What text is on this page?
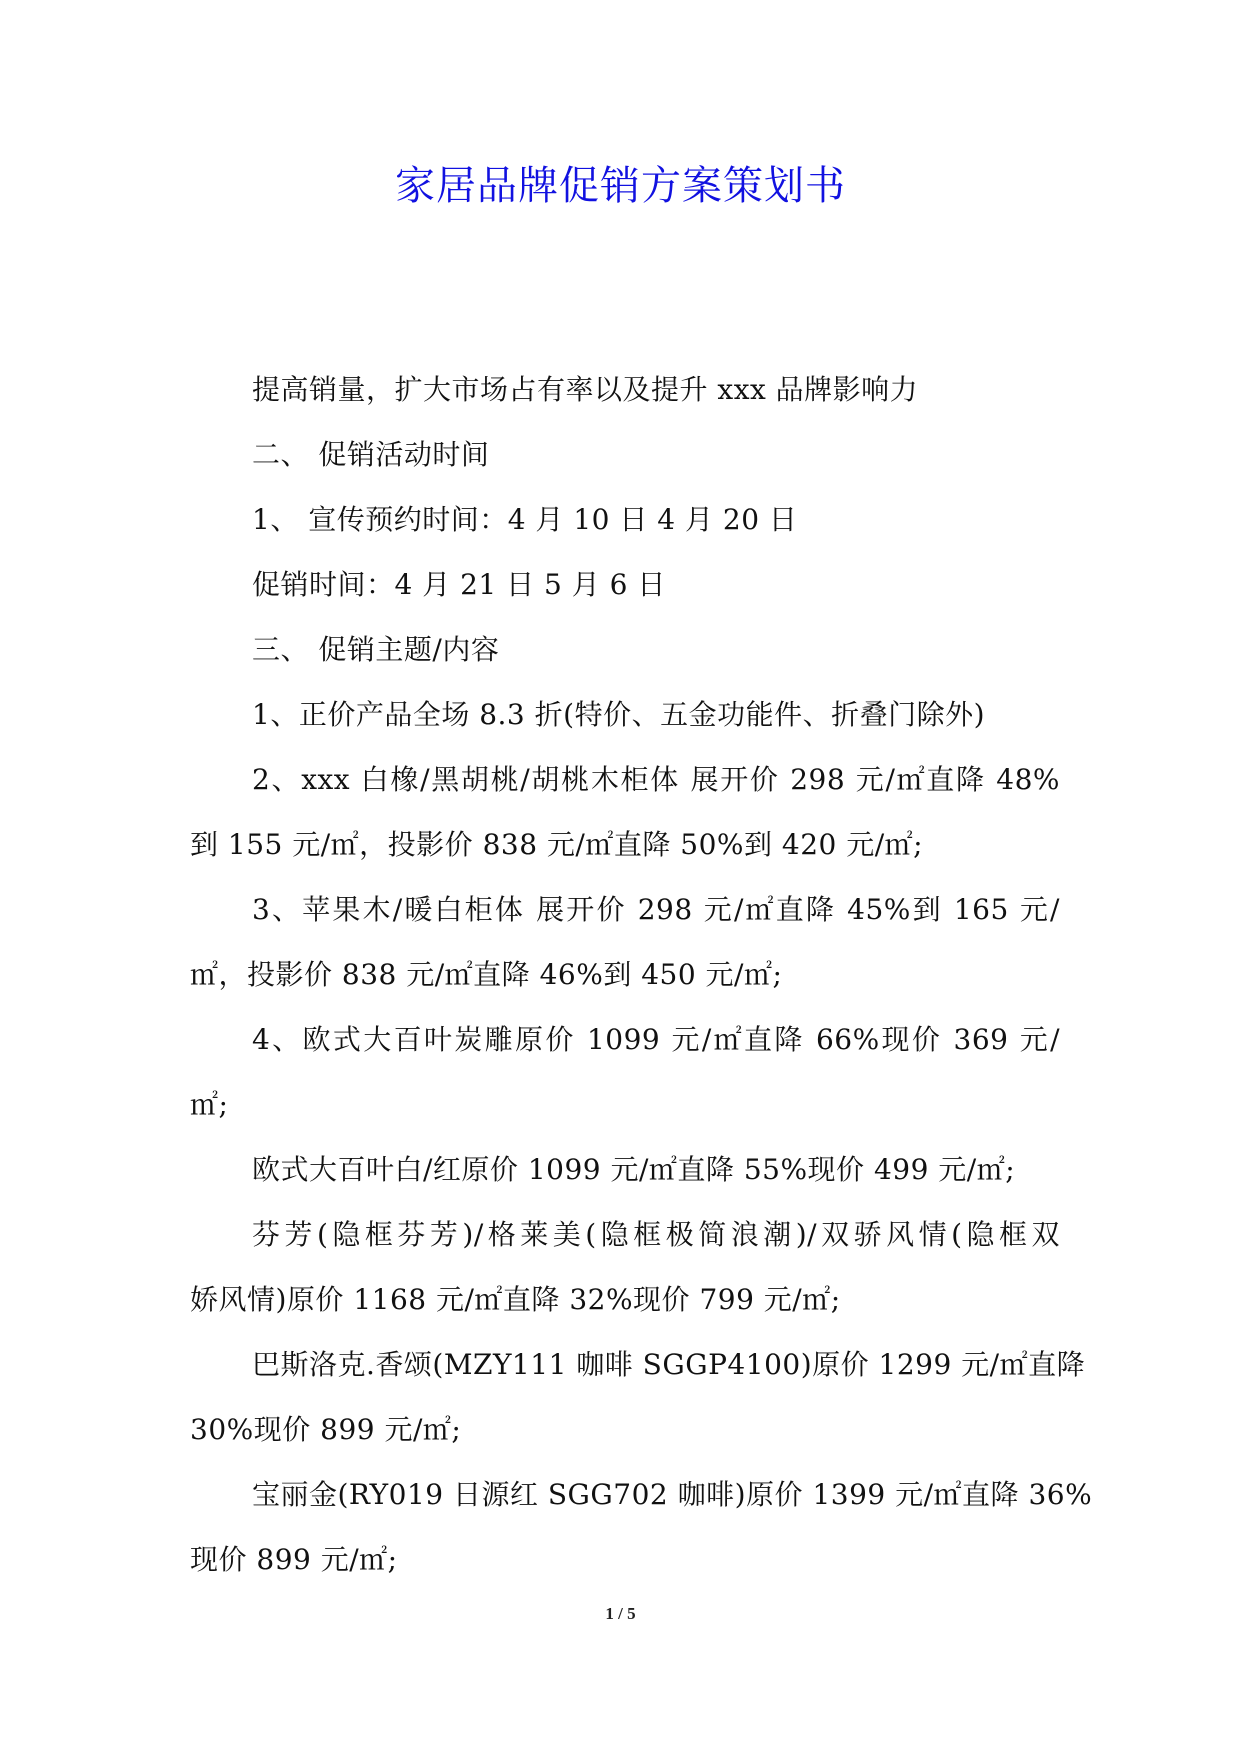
家居品牌促销方案策划书
提高销量，扩大市场占有率以及提升 xxx 品牌影响力
二、 促销活动时间
1、 宣传预约时间：4 月 10 日 4 月 20 日
促销时间：4 月 21 日 5 月 6 日
三、 促销主题/内容
1、正价产品全场 8.3 折(特价、五金功能件、折叠门除外)
2、xxx 白橡/黑胡桃/胡桃木柜体 展开价 298 元/㎡直降 48%
到 155 元/㎡，投影价 838 元/㎡直降 50%到 420 元/㎡;
3、苹果木/暖白柜体 展开价 298 元/㎡直降 45%到 165 元/
㎡，投影价 838 元/㎡直降 46%到 450 元/㎡;
4、欧式大百叶炭雕原价 1099 元/㎡直降 66%现价 369 元/
㎡;
欧式大百叶白/红原价 1099 元/㎡直降 55%现价 499 元/㎡;
芬芳(隐框芬芳)/格莱美(隐框极简浪潮)/双骄风情(隐框双
娇风情)原价 1168 元/㎡直降 32%现价 799 元/㎡;
巴斯洛克.香颂(MZY111 咖啡 SGGP4100)原价 1299 元/㎡直降
30%现价 899 元/㎡;
宝丽金(RY019 日源红 SGG702 咖啡)原价 1399 元/㎡直降 36%
现价 899 元/㎡;
1 / 5
